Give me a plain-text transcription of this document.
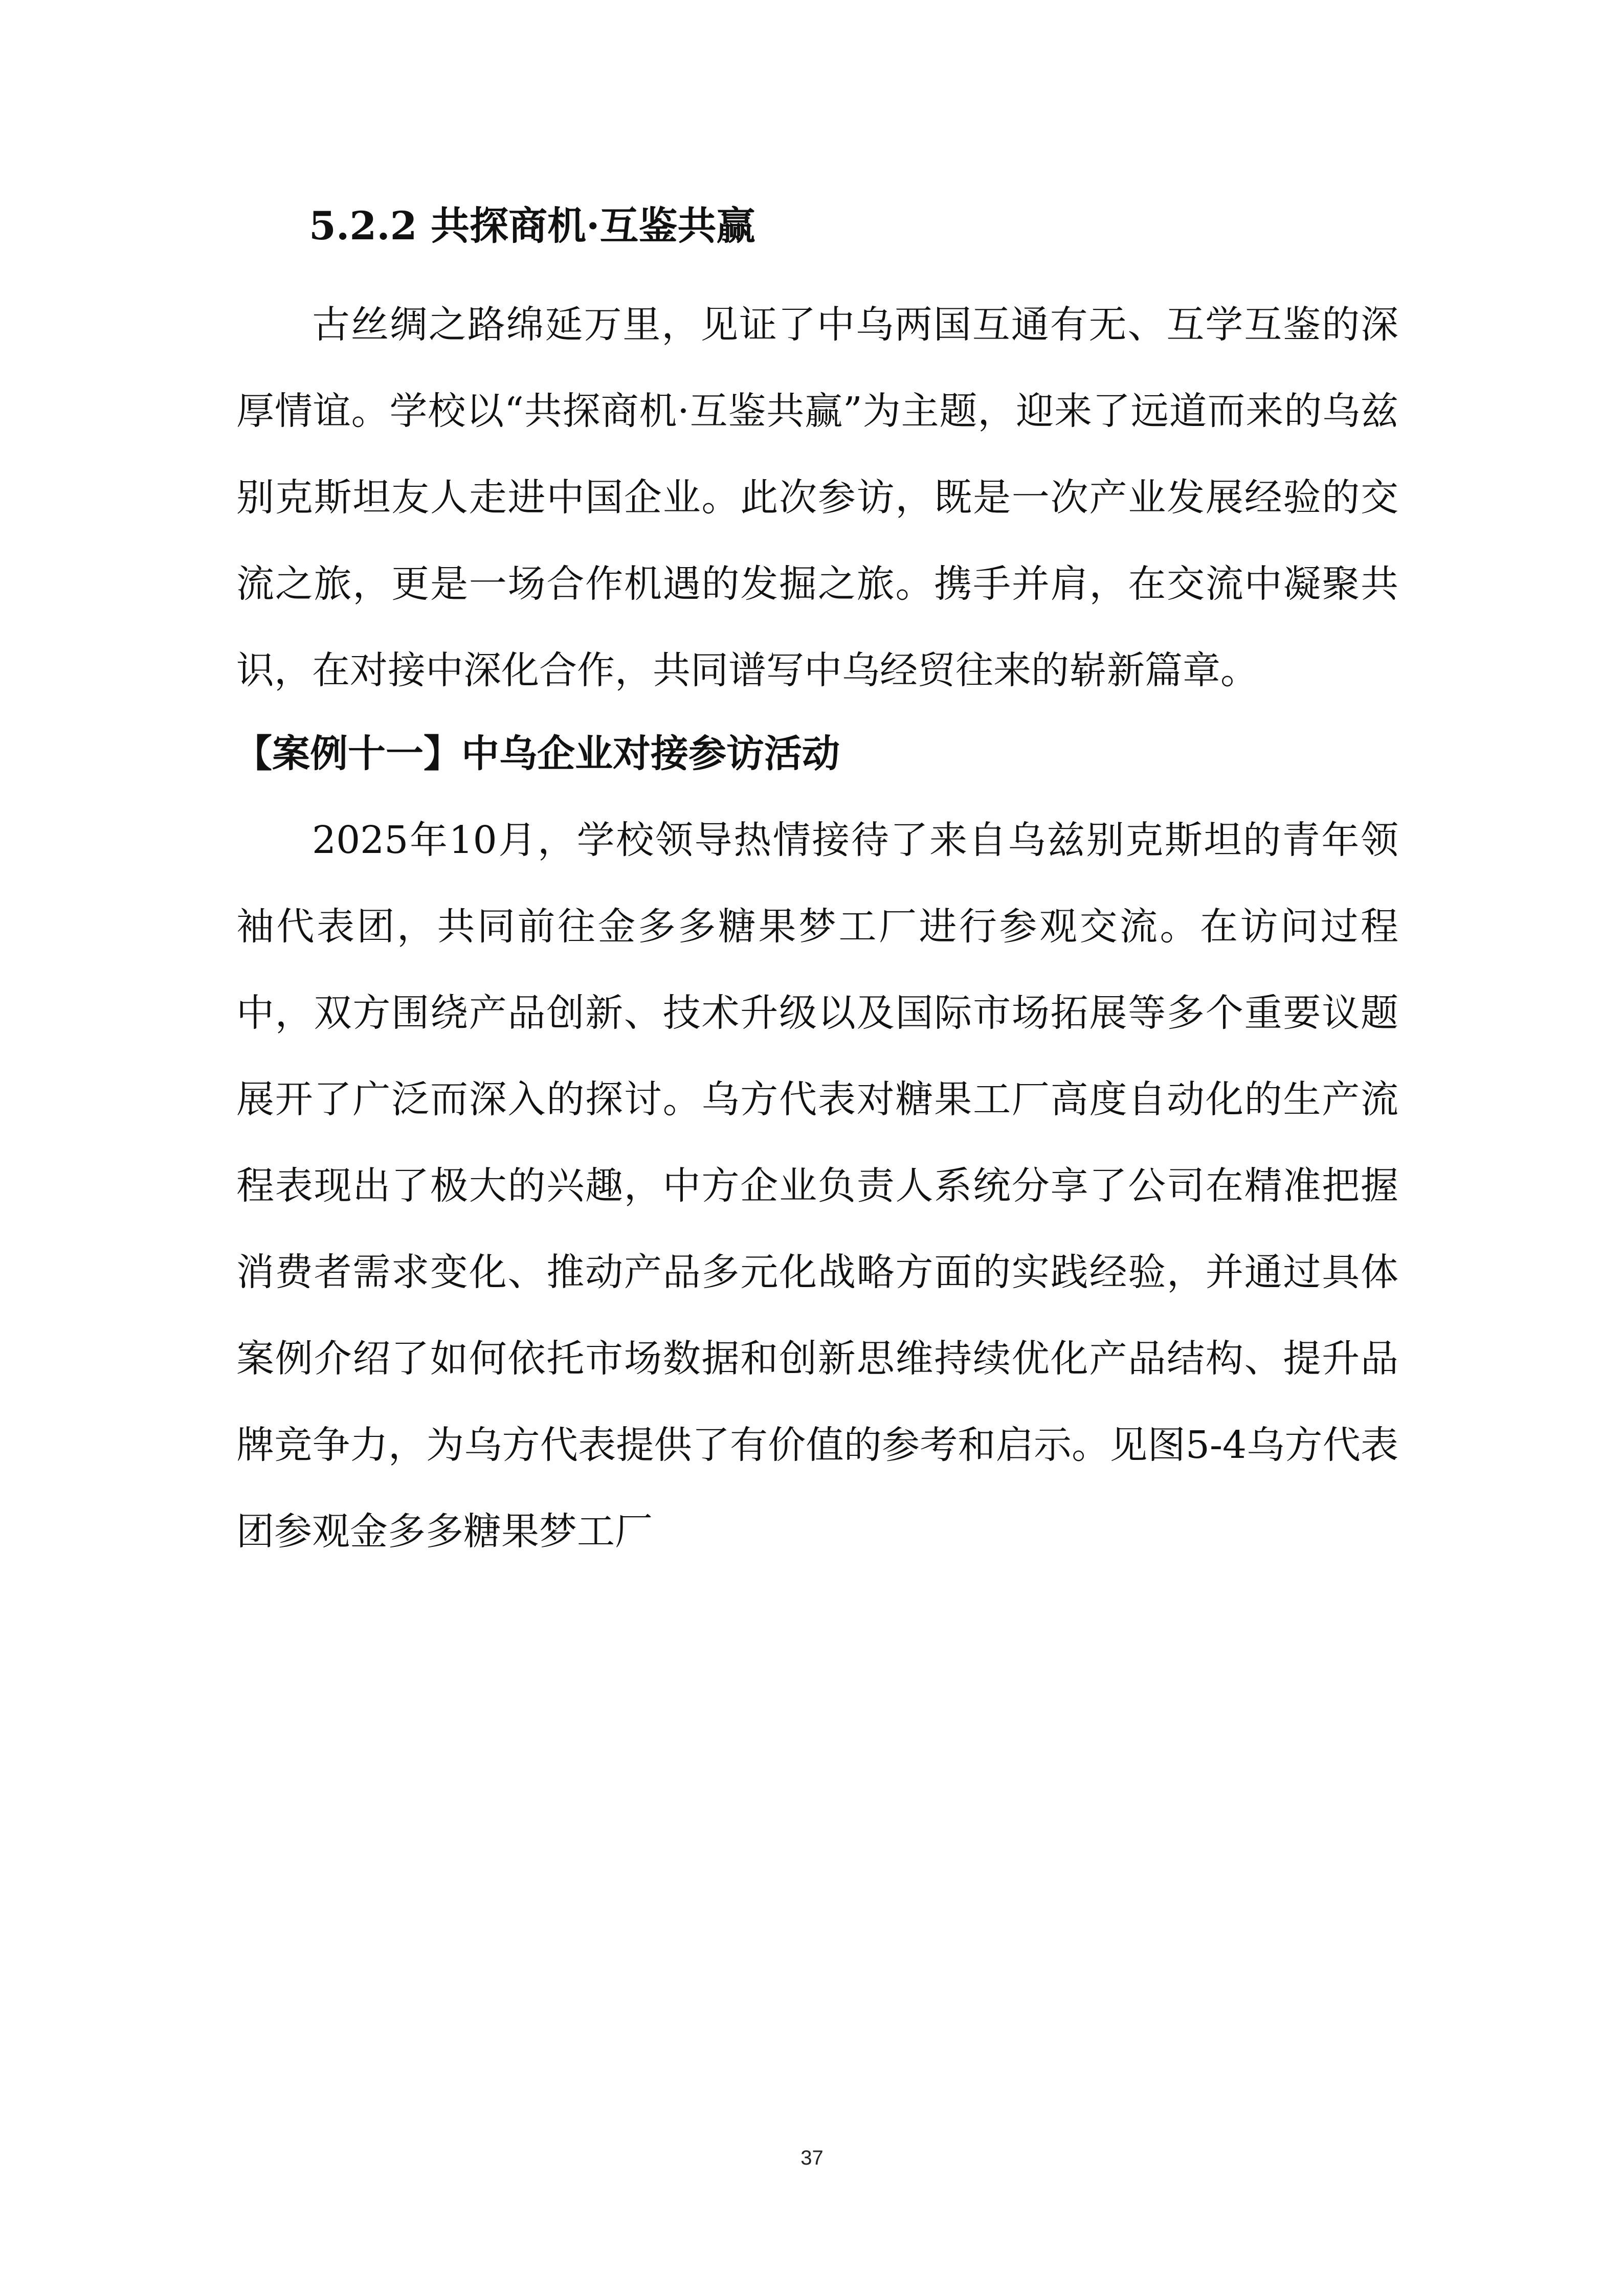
5.2.2 共探商机·互鉴共赢

古丝绸之路绵延万里，见证了中乌两国互通有无、互学互鉴的深厚情谊。学校以“共探商机·互鉴共赢”为主题，迎来了远道而来的乌兹别克斯坦友人走进中国企业。此次参访，既是一次产业发展经验的交流之旅，更是一场合作机遇的发掘之旅。携手并肩，在交流中凝聚共识，在对接中深化合作，共同谱写中乌经贸往来的崭新篇章。

【案例十一】中乌企业对接参访活动

2025年10月，学校领导热情接待了来自乌兹别克斯坦的青年领袖代表团，共同前往金多多糖果梦工厂进行参观交流。在访问过程中，双方围绕产品创新、技术升级以及国际市场拓展等多个重要议题展开了广泛而深入的探讨。乌方代表对糖果工厂高度自动化的生产流程表现出了极大的兴趣，中方企业负责人系统分享了公司在精准把握消费者需求变化、推动产品多元化战略方面的实践经验，并通过具体案例介绍了如何依托市场数据和创新思维持续优化产品结构、提升品牌竞争力，为乌方代表提供了有价值的参考和启示。见图5-4乌方代表团参观金多多糖果梦工厂

37
